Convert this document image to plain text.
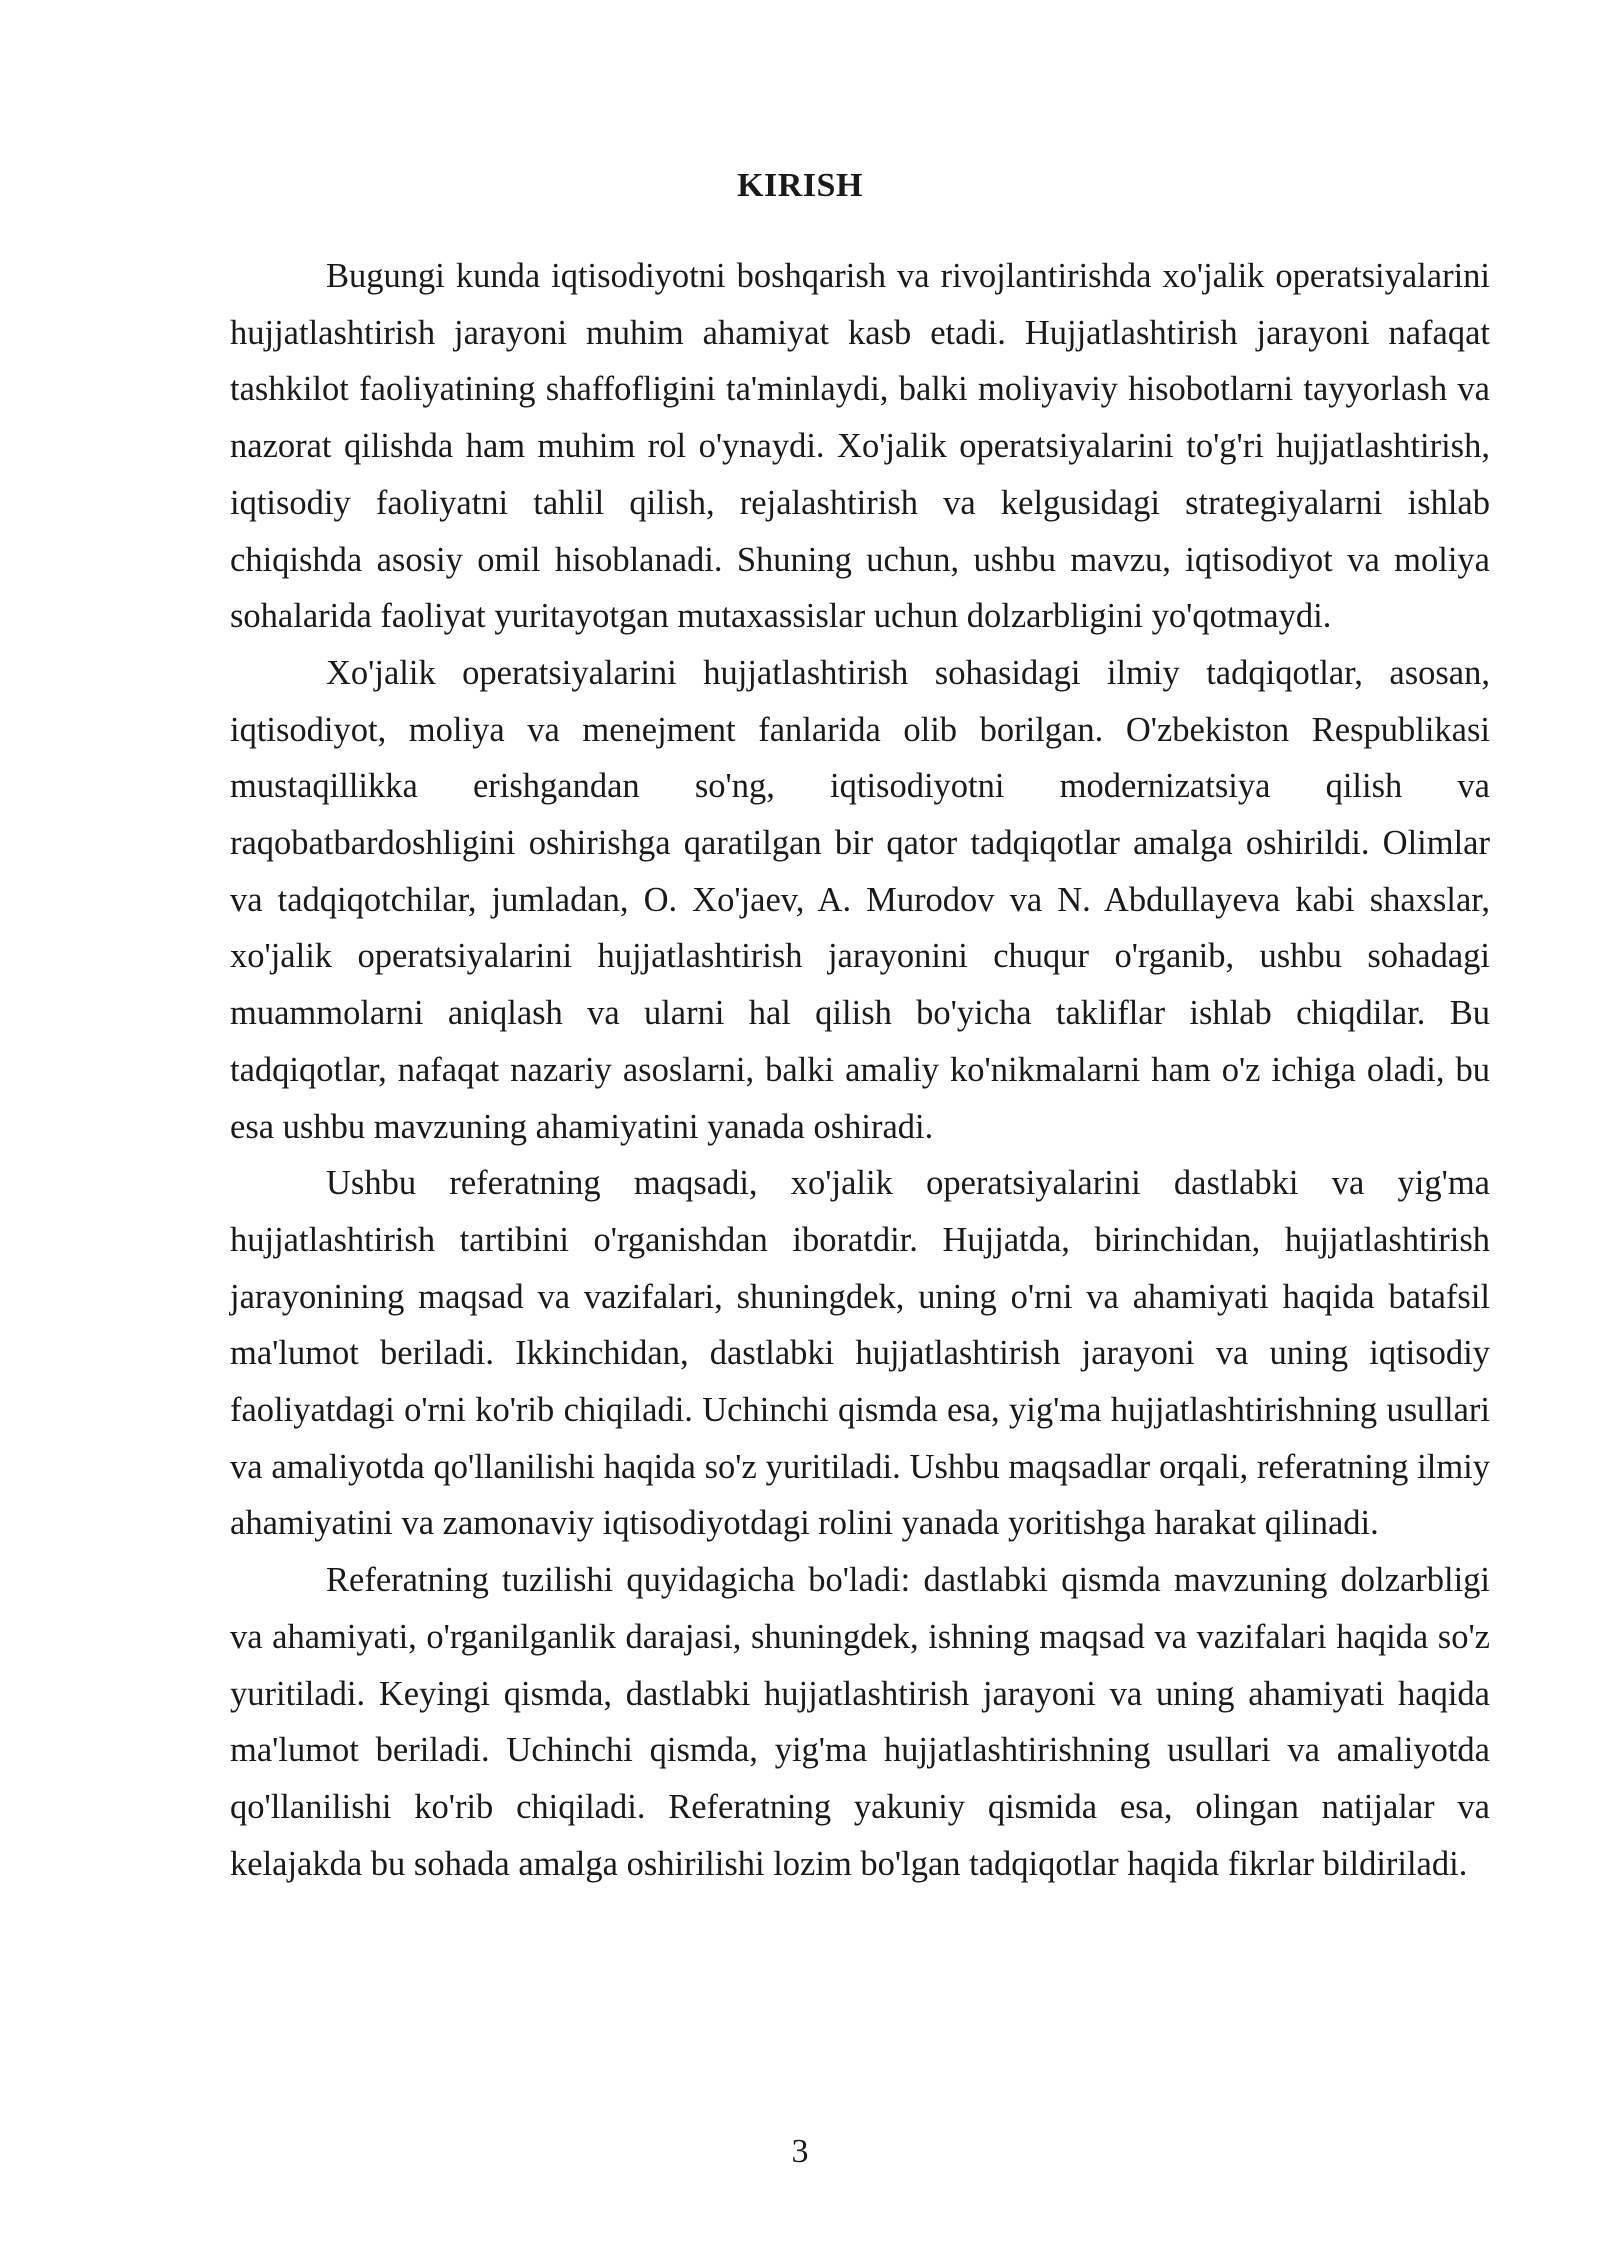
KIRISH

Bugungi kunda iqtisodiyotni boshqarish va rivojlantirishda xo'jalik operatsiyalarini hujjatlashtirish jarayoni muhim ahamiyat kasb etadi. Hujjatlashtirish jarayoni nafaqat tashkilot faoliyatining shaffofligini ta'minlaydi, balki moliyaviy hisobotlarni tayyorlash va nazorat qilishda ham muhim rol o'ynaydi. Xo'jalik operatsiyalarini to'g'ri hujjatlashtirish, iqtisodiy faoliyatni tahlil qilish, rejalashtirish va kelgusidagi strategiyalarni ishlab chiqishda asosiy omil hisoblanadi. Shuning uchun, ushbu mavzu, iqtisodiyot va moliya sohalarida faoliyat yuritayotgan mutaxassislar uchun dolzarbligini yo'qotmaydi.

Xo'jalik operatsiyalarini hujjatlashtirish sohasidagi ilmiy tadqiqotlar, asosan, iqtisodiyot, moliya va menejment fanlarida olib borilgan. O'zbekiston Respublikasi mustaqillikka erishgandan so'ng, iqtisodiyotni modernizatsiya qilish va raqobatbardoshligini oshirishga qaratilgan bir qator tadqiqotlar amalga oshirildi. Olimlar va tadqiqotchilar, jumladan, O. Xo'jaev, A. Murodov va N. Abdullayeva kabi shaxslar, xo'jalik operatsiyalarini hujjatlashtirish jarayonini chuqur o'rganib, ushbu sohadagi muammolarni aniqlash va ularni hal qilish bo'yicha takliflar ishlab chiqdilar. Bu tadqiqotlar, nafaqat nazariy asoslarni, balki amaliy ko'nikmalarni ham o'z ichiga oladi, bu esa ushbu mavzuning ahamiyatini yanada oshiradi.

Ushbu referatning maqsadi, xo'jalik operatsiyalarini dastlabki va yig'ma hujjatlashtirish tartibini o'rganishdan iboratdir. Hujjatda, birinchidan, hujjatlashtirish jarayonining maqsad va vazifalari, shuningdek, uning o'rni va ahamiyati haqida batafsil ma'lumot beriladi. Ikkinchidan, dastlabki hujjatlashtirish jarayoni va uning iqtisodiy faoliyatdagi o'rni ko'rib chiqiladi. Uchinchi qismda esa, yig'ma hujjatlashtirishning usullari va amaliyotda qo'llanilishi haqida so'z yuritiladi. Ushbu maqsadlar orqali, referatning ilmiy ahamiyatini va zamonaviy iqtisodiyotdagi rolini yanada yoritishga harakat qilinadi.

Referatning tuzilishi quyidagicha bo'ladi: dastlabki qismda mavzuning dolzarbligi va ahamiyati, o'rganilganlik darajasi, shuningdek, ishning maqsad va vazifalari haqida so'z yuritiladi. Keyingi qismda, dastlabki hujjatlashtirish jarayoni va uning ahamiyati haqida ma'lumot beriladi. Uchinchi qismda, yig'ma hujjatlashtirishning usullari va amaliyotda qo'llanilishi ko'rib chiqiladi. Referatning yakuniy qismida esa, olingan natijalar va kelajakda bu sohada amalga oshirilishi lozim bo'lgan tadqiqotlar haqida fikrlar bildiriladi.

3
